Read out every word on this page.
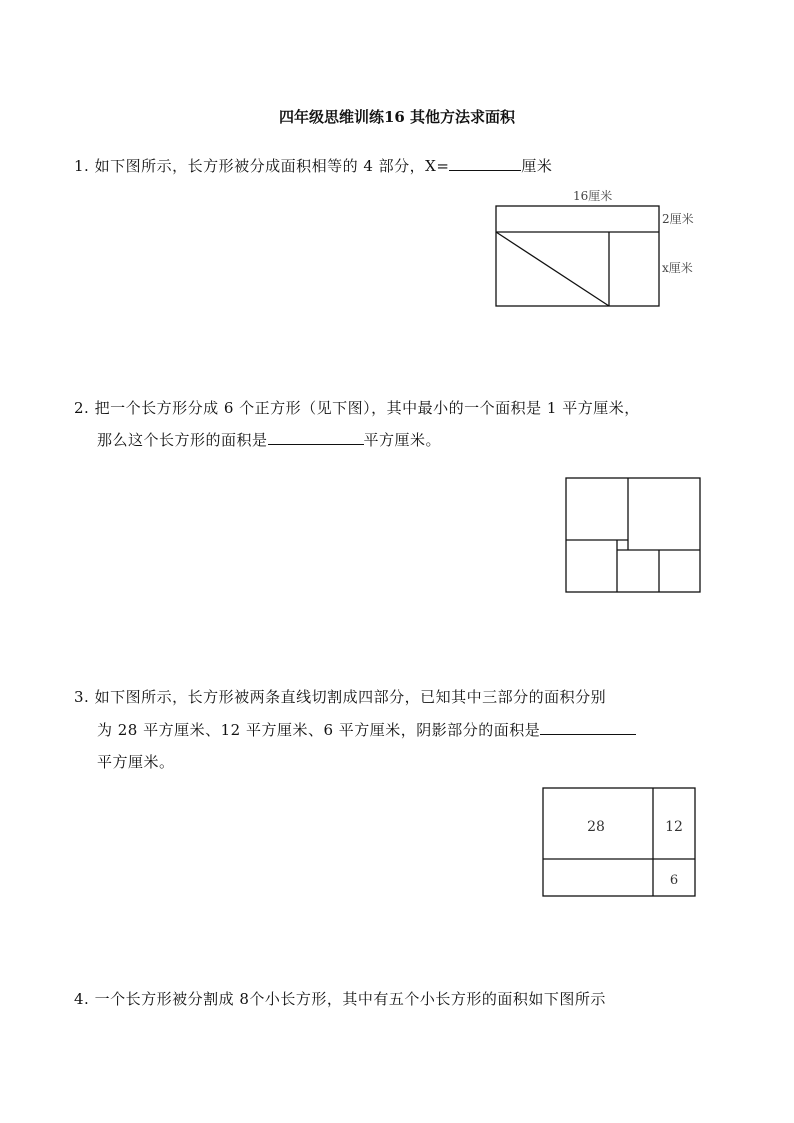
四年级思维训练16 其他方法求面积
1. 如下图所示，长方形被分成面积相等的 4 部分，X=	厘米
16厘米
2厘米
x厘米
2. 把一个长方形分成 6 个正方形（见下图），其中最小的一个面积是 1 平方厘米，
那么这个长方形的面积是	平方厘米。
3. 如下图所示，长方形被两条直线切割成四部分，已知其中三部分的面积分别
为 28 平方厘米、12 平方厘米、6 平方厘米，阴影部分的面积是
平方厘米。
28	12
6
4. 一个长方形被分割成 8个小长方形，其中有五个小长方形的面积如下图所示
